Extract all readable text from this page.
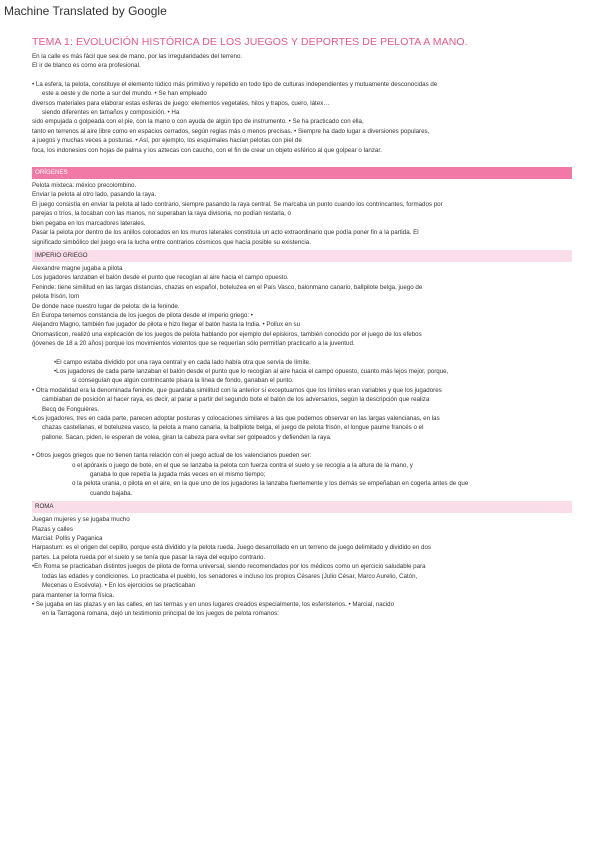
Machine Translated by Google
TEMA 1: EVOLUCIÓN HISTÓRICA DE LOS JUEGOS Y DEPORTES DE PELOTA A MANO.
En la calle es más fácil que sea de mano, por las irregularidades del terreno.
El ir de blanco es como era profesional.
• La esfera, la pelota, constituye el elemento lúdico más primitivo y repetido en todo tipo de culturas independientes y mutuamente desconocidas de
este a oeste y de norte a sur del mundo. • Se han empleado
diversos materiales para elaborar estas esferas de juego: elementos vegetales, hilos y trapos, cuero, látex…
siendo diferentes en tamaños y composición. • Ha
sido empujada o golpeada con el pie, con la mano o con ayuda de algún tipo de instrumento. • Se ha practicado con ella,
tanto en terrenos al aire libre como en espacios cerrados, según reglas más o menos precisas. • Siempre ha dado lugar a diversiones populares,
a juegos y muchas veces a posturas. • Así, por ejemplo, los esquimales hacían pelotas con piel de
foca, los indonesios con hojas de palma y los aztecas con caucho, con el fin de crear un objeto esférico al que golpear o lanzar.
ORÍGENES
Pelota mixteca: méxico precolombino.
Enviar la pelota al otro lado, pasando la raya.
El juego consistía en enviar la pelota al lado contrario, siempre pasando la raya central. Se marcaba un punto cuando los contrincantes, formados por
parejas o tríos, la tocaban con las manos, no superaban la raya divisoria, no podían restarla, o
bien pegaba en los marcadores laterales.
Pasar la pelota por dentro de los anillos colocados en los muros laterales constituía un acto extraordinario que podía poner fin a la partida. El
significado simbólico del juego era la lucha entre contrarios cósmicos que hacía posible su existencia.
IMPERIO GRIEGO
Alexandre magne jugaba a pilota
Los jugadores lanzaban el balón desde el punto que recogían al aire hacia el campo opuesto.
Feninde: tiene similitud en las largas distancias, chazas en español, boteluzea en el País Vasco, balonmano canario, ballpilote belga, juego de
pelota frisón, lom
De donde nace nuestro lugar de pelota: de la feninde.
En Europa tenemos constancia de los juegos de pilota desde el imperio griego: •
Alejandro Magno, también fue jugador de pilota e hizo llegar el balón hasta la India. • Pollux en su
Onomasticon, realizó una explicación de los juegos de pelota hablando por ejemplo del episkiros, también conocido por el juego de los efebos
(jóvenes de 18 a 20 años) porque los movimientos violentos que se requerían sólo permitían practicarlo a la juventud.
•El campo estaba dividido por una raya central y en cada lado había otra que servía de límite.
•Los jugadores de cada parte lanzaban el balón desde el punto que lo recogían al aire hacia el campo opuesto, cuanto más lejos mejor, porque,
si conseguían que algún contrincante pisara la línea de fondo, ganaban el punto.
• Otra modalidad era la denominada feninde, que guardaba similitud con la anterior si exceptuamos que los límites eran variables y que los jugadores
cambiaban de posición al hacer raya, es decir, al parar a partir del segundo bote el balón de los adversarios, según la descripción que realiza
Becq de Fonguières.
•Los jugadores, tres en cada parte, parecen adoptar posturas y colocaciones similares a las que podemos observar en las largas valencianas, en las
chazas castellanas, el boteluzea vasco, la pelota a mano canaria, la ballpilote belga, el juego de pelota frisón, el longue paume francés o el
pallone. Sacan, piden, le esperan de volea, giran la cabeza para evitar ser golpeados y defienden la raya.
• Otros juegos griegos que no tienen tanta relación con el juego actual de los valencianos pueden ser:
o el apóraxis o juego de bote, en el que se lanzaba la pelota con fuerza contra el suelo y se recogía a la altura de la mano, y
ganaba lo que repetía la jugada más veces en el mismo tiempo;
o la pelota urania, o pilota en el aire, en la que uno de los jugadores la lanzaba fuertemente y los demás se empeñaban en cogerla antes de que
cuando bajaba.
ROMA
Juegan mujeres y se jugaba mucho
Plazas y calles
Marcial: Pollis y Paganica
Harpastum: es el origen del cepillo, porque está dividido y la pelota rueda. Juego desarrollado en un terreno de juego delimitado y dividido en dos
partes. La pelota rueda por el suelo y se tenía que pasar la raya del equipo contrario.
•En Roma se practicaban distintos juegos de pilota de forma universal, siendo recomendados por los médicos como un ejercicio saludable para
todas las edades y condiciones. Lo practicaba el pueblo, los senadores e incluso los propios Césares (Julio César, Marco Aurelio, Catón,
Mecenas o Escévola). • En los ejercicios se practicaban
para mantener la forma física.
• Se jugaba en las plazas y en las calles, en las termas y en unos lugares creados especialmente, los esferisterios. • Marcial, nacido
en la Tarragona romana, dejó un testimonio principal de los juegos de pelota romanos:
